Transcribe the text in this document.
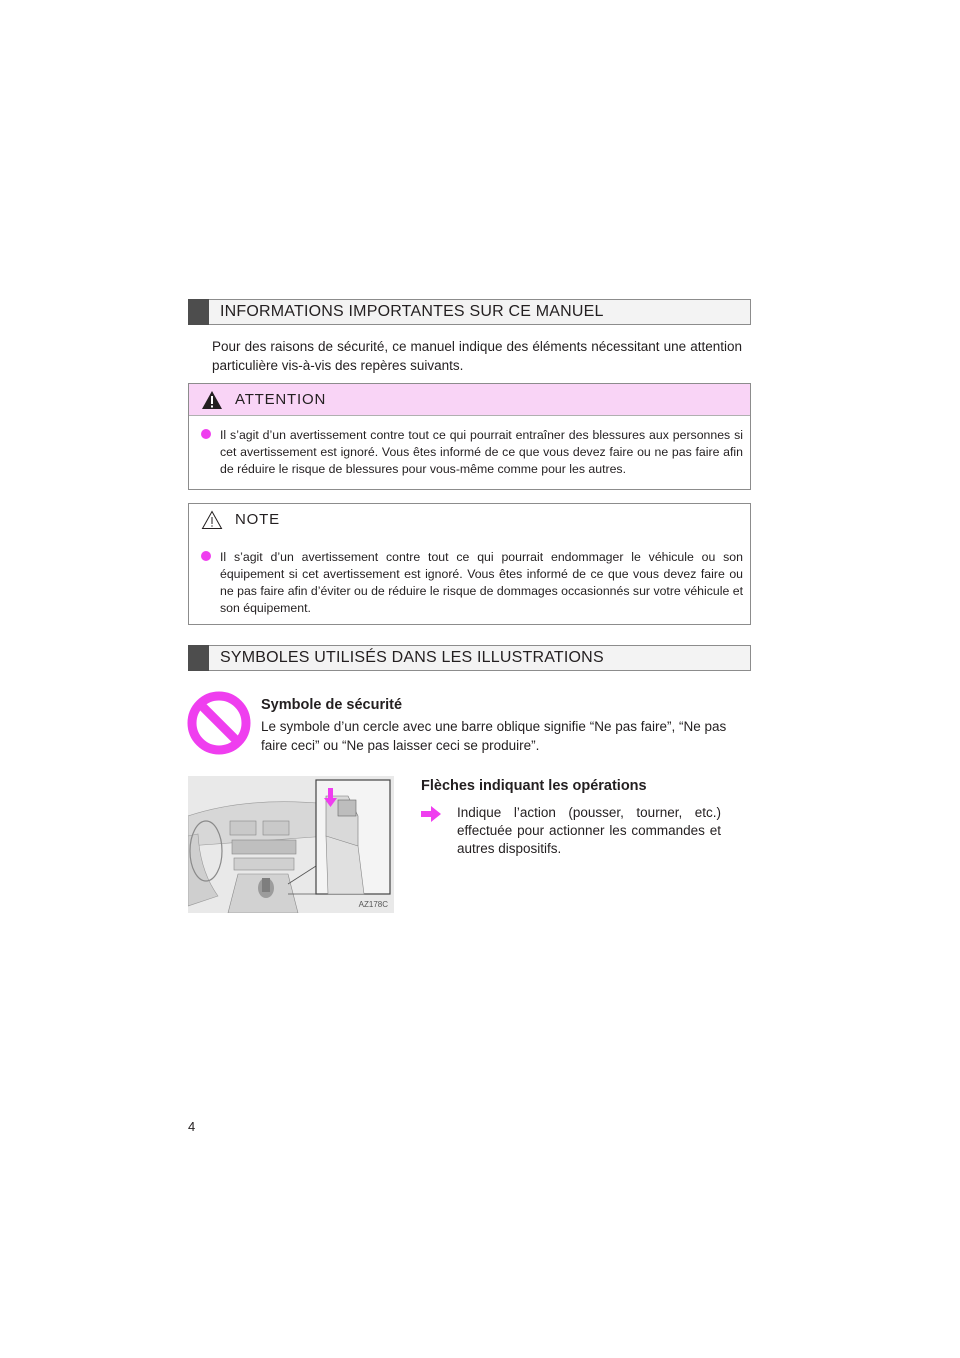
INFORMATIONS IMPORTANTES SUR CE MANUEL

Pour des raisons de sécurité, ce manuel indique des éléments nécessitant une attention particulière vis-à-vis des repères suivants.

ATTENTION

Il s’agit d’un avertissement contre tout ce qui pourrait entraîner des blessures aux personnes si cet avertissement est ignoré. Vous êtes informé de ce que vous devez faire ou ne pas faire afin de réduire le risque de blessures pour vous-même comme pour les autres.

NOTE

Il s’agit d’un avertissement contre tout ce qui pourrait endommager le véhicule ou son équipement si cet avertissement est ignoré. Vous êtes informé de ce que vous devez faire ou ne pas faire afin d’éviter ou de réduire le risque de dommages occasionnés sur votre véhicule et son équipement.

SYMBOLES UTILISÉS DANS LES ILLUSTRATIONS
Symbole de sécurité

Le symbole d’un cercle avec une barre oblique signifie “Ne pas faire”, “Ne pas faire ceci” ou “Ne pas laisser ceci se produire”.

AZ178C
Flèches indiquant les opérations

Indique l’action (pousser, tourner, etc.) effectuée pour actionner les commandes et autres dispositifs.

4
